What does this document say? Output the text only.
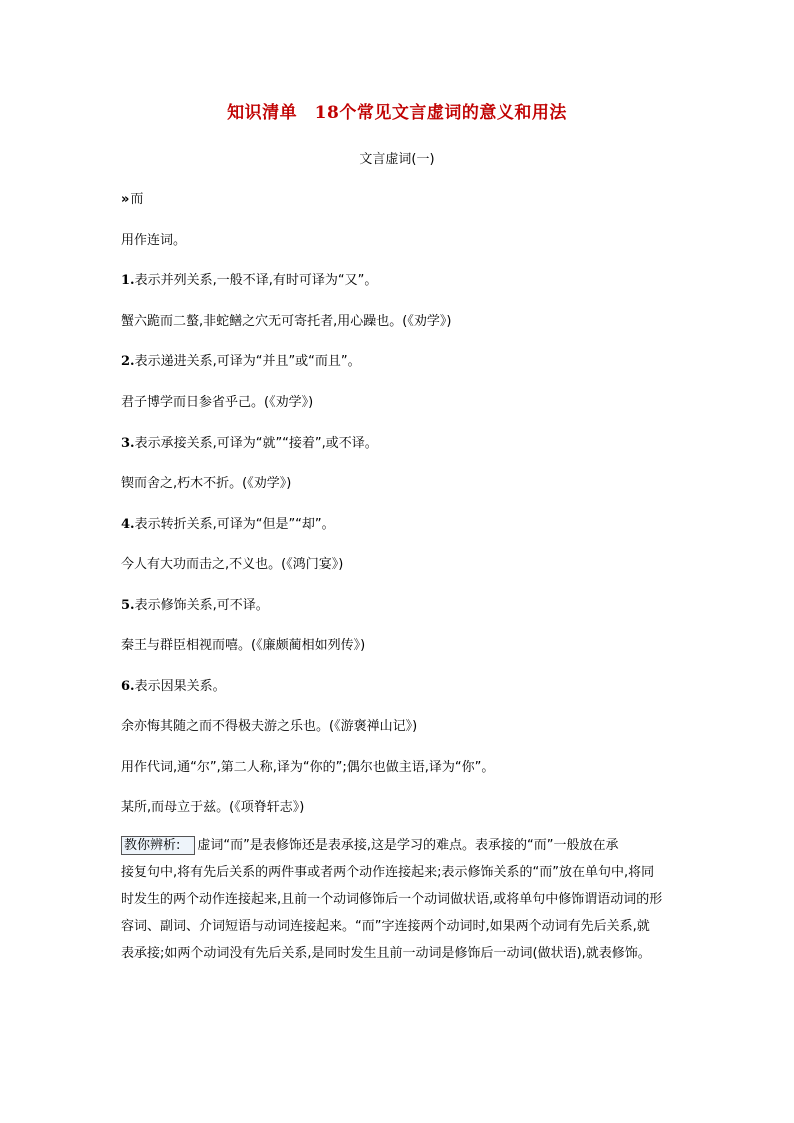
知识清单　18个常见文言虚词的意义和用法
文言虚词(一)
» 而
用作连词。
1.表示并列关系,一般不译,有时可译为“又”。
蟹六跪而二螯,非蛇鳝之穴无可寄托者,用心躁也。(《劝学》)
2.表示递进关系,可译为“并且”或“而且”。
君子博学而日参省乎己。(《劝学》)
3.表示承接关系,可译为“就”“接着”,或不译。
锲而舍之,朽木不折。(《劝学》)
4.表示转折关系,可译为“但是”“却”。
今人有大功而击之,不义也。(《鸿门宴》)
5.表示修饰关系,可不译。
秦王与群臣相视而嘻。(《廉颇蔺相如列传》)
6.表示因果关系。
余亦悔其随之而不得极夫游之乐也。(《游褒禅山记》)
用作代词,通“尔”,第二人称,译为“你的”;偶尔也做主语,译为“你”。
某所,而母立于兹。(《项脊轩志》)
教你辨析: 虚词“而”是表修饰还是表承接,这是学习的难点。表承接的“而”一般放在承
接复句中,将有先后关系的两件事或者两个动作连接起来;表示修饰关系的“而”放在单句中,将同
时发生的两个动作连接起来,且前一个动词修饰后一个动词做状语,或将单句中修饰谓语动词的形
容词、副词、介词短语与动词连接起来。“而”字连接两个动词时,如果两个动词有先后关系,就
表承接;如两个动词没有先后关系,是同时发生且前一动词是修饰后一动词(做状语),就表修饰。
